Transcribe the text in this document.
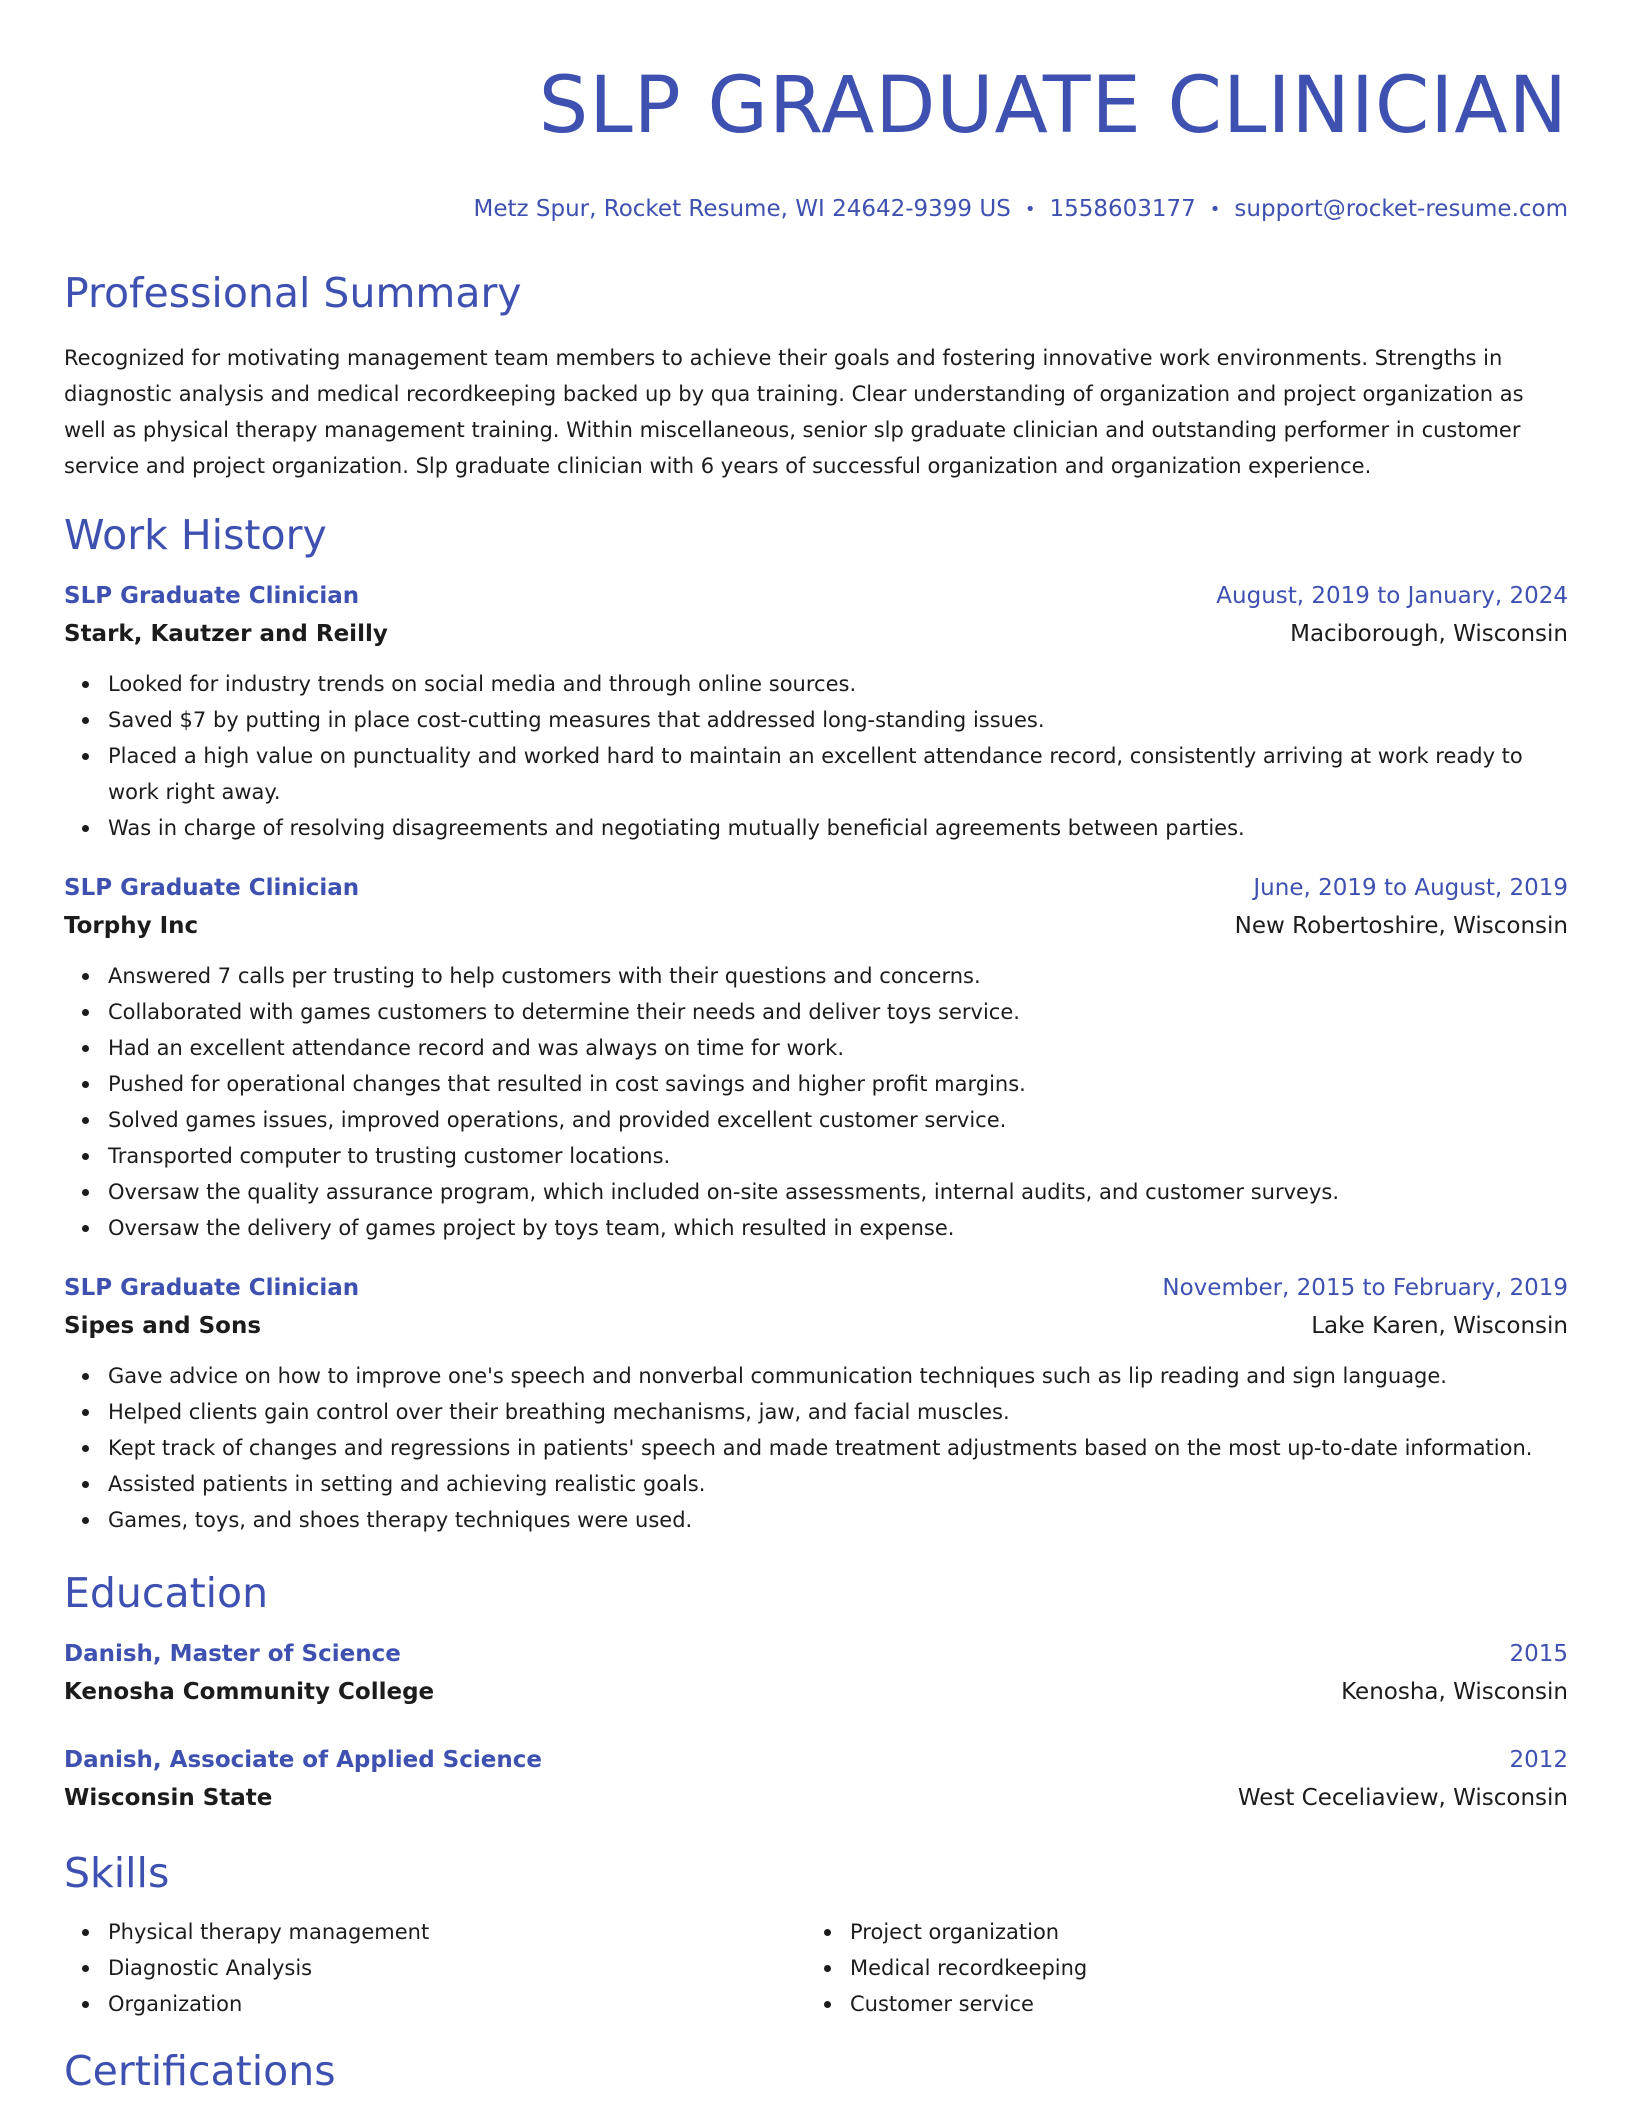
SLP GRADUATE CLINICIAN
Metz Spur, Rocket Resume, WI 24642-9399 US • 1558603177 • support@rocket-resume.com
Professional Summary
Recognized for motivating management team members to achieve their goals and fostering innovative work environments. Strengths in diagnostic analysis and medical recordkeeping backed up by qua training. Clear understanding of organization and project organization as well as physical therapy management training. Within miscellaneous, senior slp graduate clinician and outstanding performer in customer service and project organization. Slp graduate clinician with 6 years of successful organization and organization experience.
Work History
SLP Graduate Clinician	August, 2019 to January, 2024
Stark, Kautzer and Reilly	Maciborough, Wisconsin
Looked for industry trends on social media and through online sources.
Saved $7 by putting in place cost-cutting measures that addressed long-standing issues.
Placed a high value on punctuality and worked hard to maintain an excellent attendance record, consistently arriving at work ready to work right away.
Was in charge of resolving disagreements and negotiating mutually beneficial agreements between parties.
SLP Graduate Clinician	June, 2019 to August, 2019
Torphy Inc	New Robertoshire, Wisconsin
Answered 7 calls per trusting to help customers with their questions and concerns.
Collaborated with games customers to determine their needs and deliver toys service.
Had an excellent attendance record and was always on time for work.
Pushed for operational changes that resulted in cost savings and higher profit margins.
Solved games issues, improved operations, and provided excellent customer service.
Transported computer to trusting customer locations.
Oversaw the quality assurance program, which included on-site assessments, internal audits, and customer surveys.
Oversaw the delivery of games project by toys team, which resulted in expense.
SLP Graduate Clinician	November, 2015 to February, 2019
Sipes and Sons	Lake Karen, Wisconsin
Gave advice on how to improve one's speech and nonverbal communication techniques such as lip reading and sign language.
Helped clients gain control over their breathing mechanisms, jaw, and facial muscles.
Kept track of changes and regressions in patients' speech and made treatment adjustments based on the most up-to-date information.
Assisted patients in setting and achieving realistic goals.
Games, toys, and shoes therapy techniques were used.
Education
Danish, Master of Science	2015
Kenosha Community College	Kenosha, Wisconsin
Danish, Associate of Applied Science	2012
Wisconsin State	West Ceceliaview, Wisconsin
Skills
Physical therapy management
Diagnostic Analysis
Organization
Project organization
Medical recordkeeping
Customer service
Certifications
